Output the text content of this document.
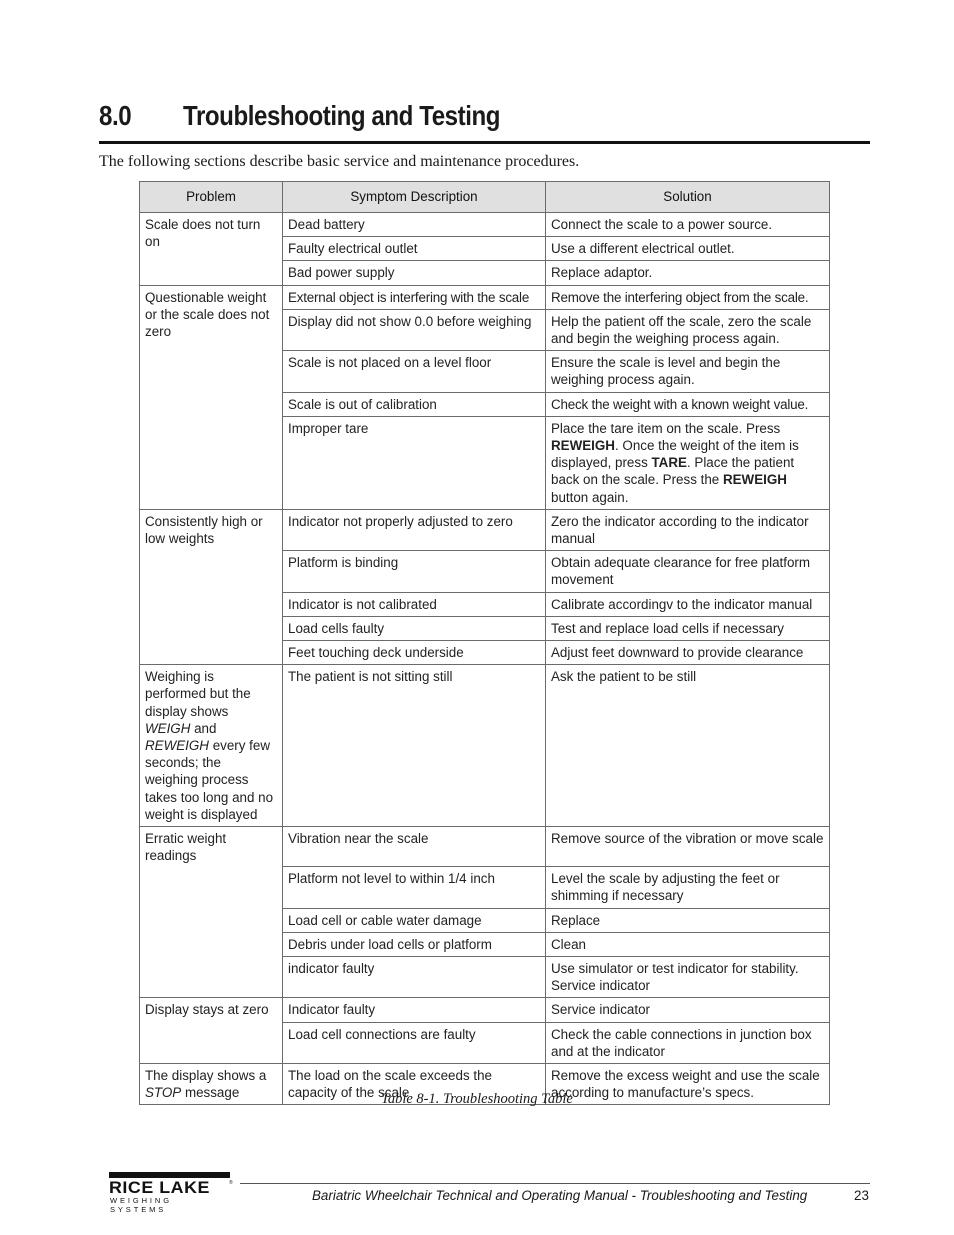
8.0 Troubleshooting and Testing
The following sections describe basic service and maintenance procedures.
Problem	Symptom Description	Solution
Scale does not turn on	Dead battery	Connect the scale to a power source.
	Faulty electrical outlet	Use a different electrical outlet.
	Bad power supply	Replace adaptor.
Questionable weight or the scale does not zero	External object is interfering with the scale	Remove the interfering object from the scale.
	Display did not show 0.0 before weighing	Help the patient off the scale, zero the scale and begin the weighing process again.
	Scale is not placed on a level floor	Ensure the scale is level and begin the weighing process again.
	Scale is out of calibration	Check the weight with a known weight value.
	Improper tare	Place the tare item on the scale. Press REWEIGH. Once the weight of the item is displayed, press TARE. Place the patient back on the scale. Press the REWEIGH button again.
Consistently high or low weights	Indicator not properly adjusted to zero	Zero the indicator according to the indicator manual
	Platform is binding	Obtain adequate clearance for free platform movement
	Indicator is not calibrated	Calibrate accordingv to the indicator manual
	Load cells faulty	Test and replace load cells if necessary
	Feet touching deck underside	Adjust feet downward to provide clearance
Weighing is performed but the display shows WEIGH and REWEIGH every few seconds; the weighing process takes too long and no weight is displayed	The patient is not sitting still	Ask the patient to be still
Erratic weight readings	Vibration near the scale	Remove source of the vibration or move scale
	Platform not level to within 1/4 inch	Level the scale by adjusting the feet or shimming if necessary
	Load cell or cable water damage	Replace
	Debris under load cells or platform	Clean
	indicator faulty	Use simulator or test indicator for stability. Service indicator
Display stays at zero	Indicator faulty	Service indicator
	Load cell connections are faulty	Check the cable connections in junction box and at the indicator
The display shows a STOP message	The load on the scale exceeds the capacity of the scale	Remove the excess weight and use the scale according to manufacture’s specs.
Table 8-1. Troubleshooting Table
RICE LAKE	®
WEIGHING SYSTEMS
Bariatric Wheelchair Technical and Operating Manual - Troubleshooting and Testing	23
